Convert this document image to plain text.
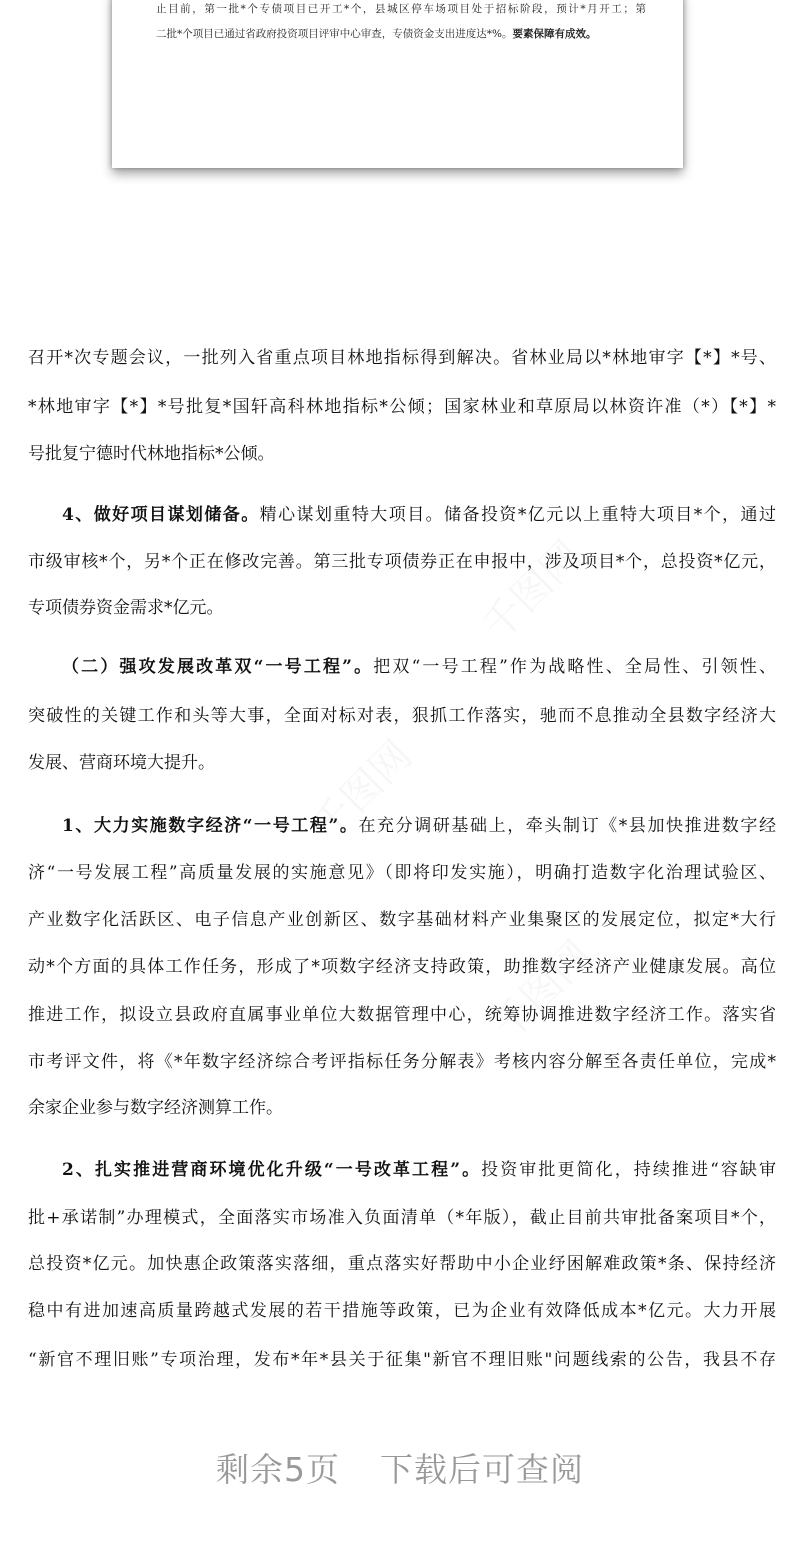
止目前，第一批*个专债项目已开工*个，县城区停车场项目处于招标阶段，预计*月开工；第
二批*个项目已通过省政府投资项目评审中心审查，专债资金支出进度达*%。要素保障有成效。
召开*次专题会议，一批列入省重点项目林地指标得到解决。省林业局以*林地审字【*】*号、
*林地审字【*】*号批复*国轩高科林地指标*公倾；国家林业和草原局以林资许准（*）【*】*
号批复宁德时代林地指标*公倾。
4、做好项目谋划储备。精心谋划重特大项目。储备投资*亿元以上重特大项目*个，通过
市级审核*个，另*个正在修改完善。第三批专项债券正在申报中，涉及项目*个，总投资*亿元，
专项债券资金需求*亿元。
（二）强攻发展改革双“一号工程”。把双“一号工程”作为战略性、全局性、引领性、
突破性的关键工作和头等大事，全面对标对表，狠抓工作落实，驰而不息推动全县数字经济大
发展、营商环境大提升。
1、大力实施数字经济“一号工程”。在充分调研基础上，牵头制订《*县加快推进数字经
济“一号发展工程”高质量发展的实施意见》（即将印发实施），明确打造数字化治理试验区、
产业数字化活跃区、电子信息产业创新区、数字基础材料产业集聚区的发展定位，拟定*大行
动*个方面的具体工作任务，形成了*项数字经济支持政策，助推数字经济产业健康发展。高位
推进工作，拟设立县政府直属事业单位大数据管理中心，统筹协调推进数字经济工作。落实省
市考评文件，将《*年数字经济综合考评指标任务分解表》考核内容分解至各责任单位，完成*
余家企业参与数字经济测算工作。
2、扎实推进营商环境优化升级“一号改革工程”。投资审批更简化，持续推进“容缺审
批+承诺制”办理模式，全面落实市场准入负面清单（*年版），截止目前共审批备案项目*个，
总投资*亿元。加快惠企政策落实落细，重点落实好帮助中小企业纾困解难政策*条、保持经济
稳中有进加速高质量跨越式发展的若干措施等政策，已为企业有效降低成本*亿元。大力开展
“新官不理旧账”专项治理，发布*年*县关于征集"新官不理旧账"问题线索的公告，我县不存
剩余5页 下载后可查阅
